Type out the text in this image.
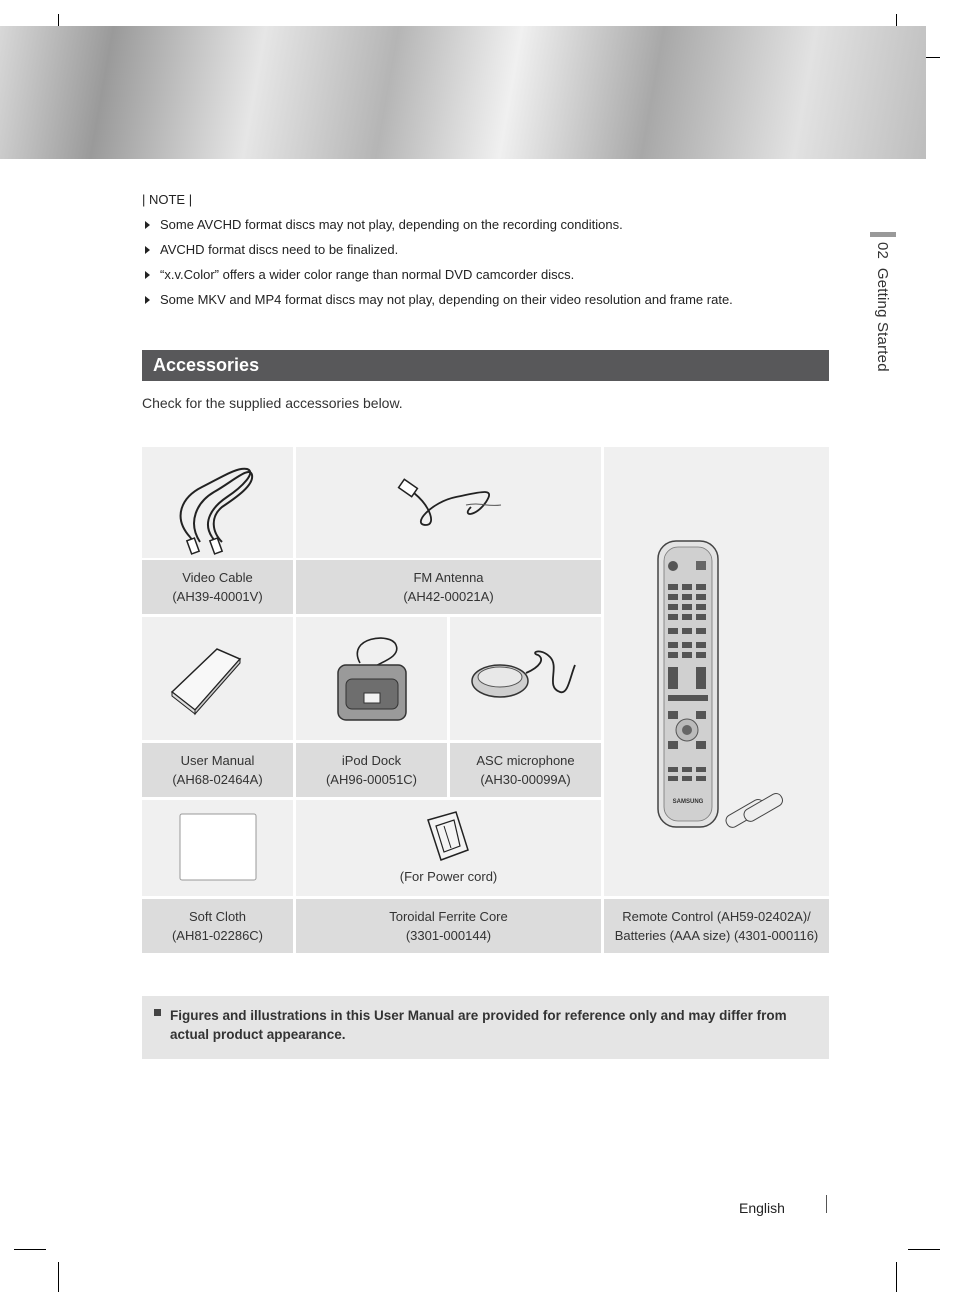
02  Getting Started
| NOTE |
Some AVCHD format discs may not play, depending on the recording conditions.
AVCHD format discs need to be finalized.
“x.v.Color” offers a wider color range than normal DVD camcorder discs.
Some MKV and MP4 format discs may not play, depending on their video resolution and frame rate.
Accessories
Check for the supplied accessories below.
SAMSUNG
Video Cable
(AH39-40001V)
FM Antenna
(AH42-00021A)
User Manual
(AH68-02464A)
iPod Dock
(AH96-00051C)
ASC microphone
(AH30-00099A)
(For Power cord)
Soft Cloth
(AH81-02286C)
Toroidal Ferrite Core
(3301-000144)
Remote Control (AH59-02402A)/
Batteries (AAA size) (4301-000116)
Figures and illustrations in this User Manual are provided for reference only and may differ from actual product appearance.
English
